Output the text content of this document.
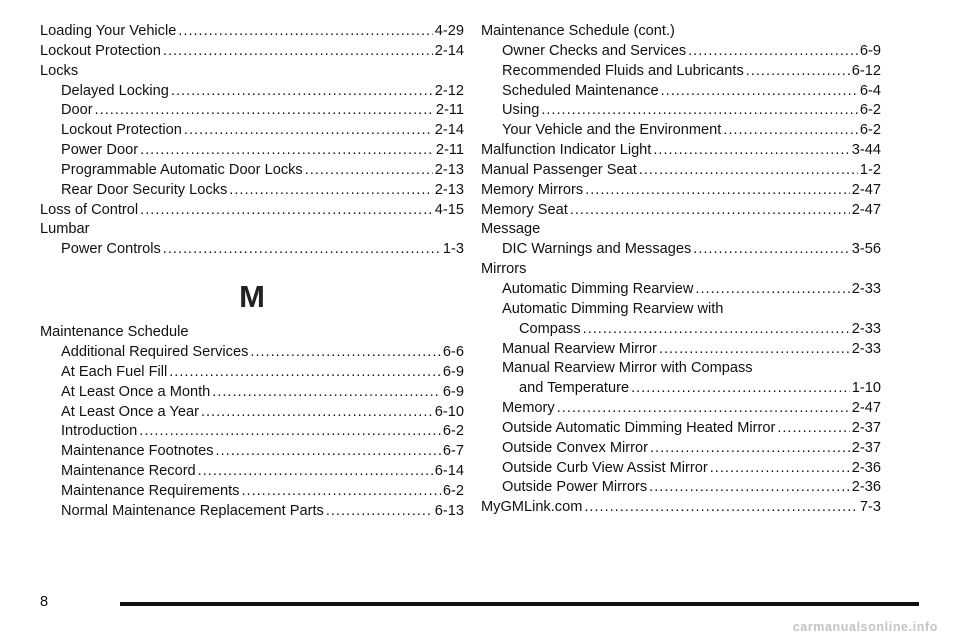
Loading Your Vehicle .....	4-29
Lockout Protection .....	2-14
Locks
Delayed Locking .....	2-12
Door .....	2-11
Lockout Protection .....	2-14
Power Door .....	2-11
Programmable Automatic Door Locks .....	2-13
Rear Door Security Locks .....	2-13
Loss of Control .....	4-15
Lumbar
Power Controls .....	1-3
M
Maintenance Schedule
Additional Required Services .....	6-6
At Each Fuel Fill .....	6-9
At Least Once a Month .....	6-9
At Least Once a Year .....	6-10
Introduction .....	6-2
Maintenance Footnotes .....	6-7
Maintenance Record .....	6-14
Maintenance Requirements .....	6-2
Normal Maintenance Replacement Parts .....	6-13
Maintenance Schedule (cont.)
Owner Checks and Services .....	6-9
Recommended Fluids and Lubricants .....	6-12
Scheduled Maintenance .....	6-4
Using .....	6-2
Your Vehicle and the Environment .....	6-2
Malfunction Indicator Light .....	3-44
Manual Passenger Seat .....	1-2
Memory Mirrors .....	2-47
Memory Seat .....	2-47
Message
DIC Warnings and Messages .....	3-56
Mirrors
Automatic Dimming Rearview .....	2-33
Automatic Dimming Rearview with
Compass .....	2-33
Manual Rearview Mirror .....	2-33
Manual Rearview Mirror with Compass
and Temperature .....	1-10
Memory .....	2-47
Outside Automatic Dimming Heated Mirror .....	2-37
Outside Convex Mirror .....	2-37
Outside Curb View Assist Mirror .....	2-36
Outside Power Mirrors .....	2-36
MyGMLink.com .....	7-3
8
carmanualsonline.info
